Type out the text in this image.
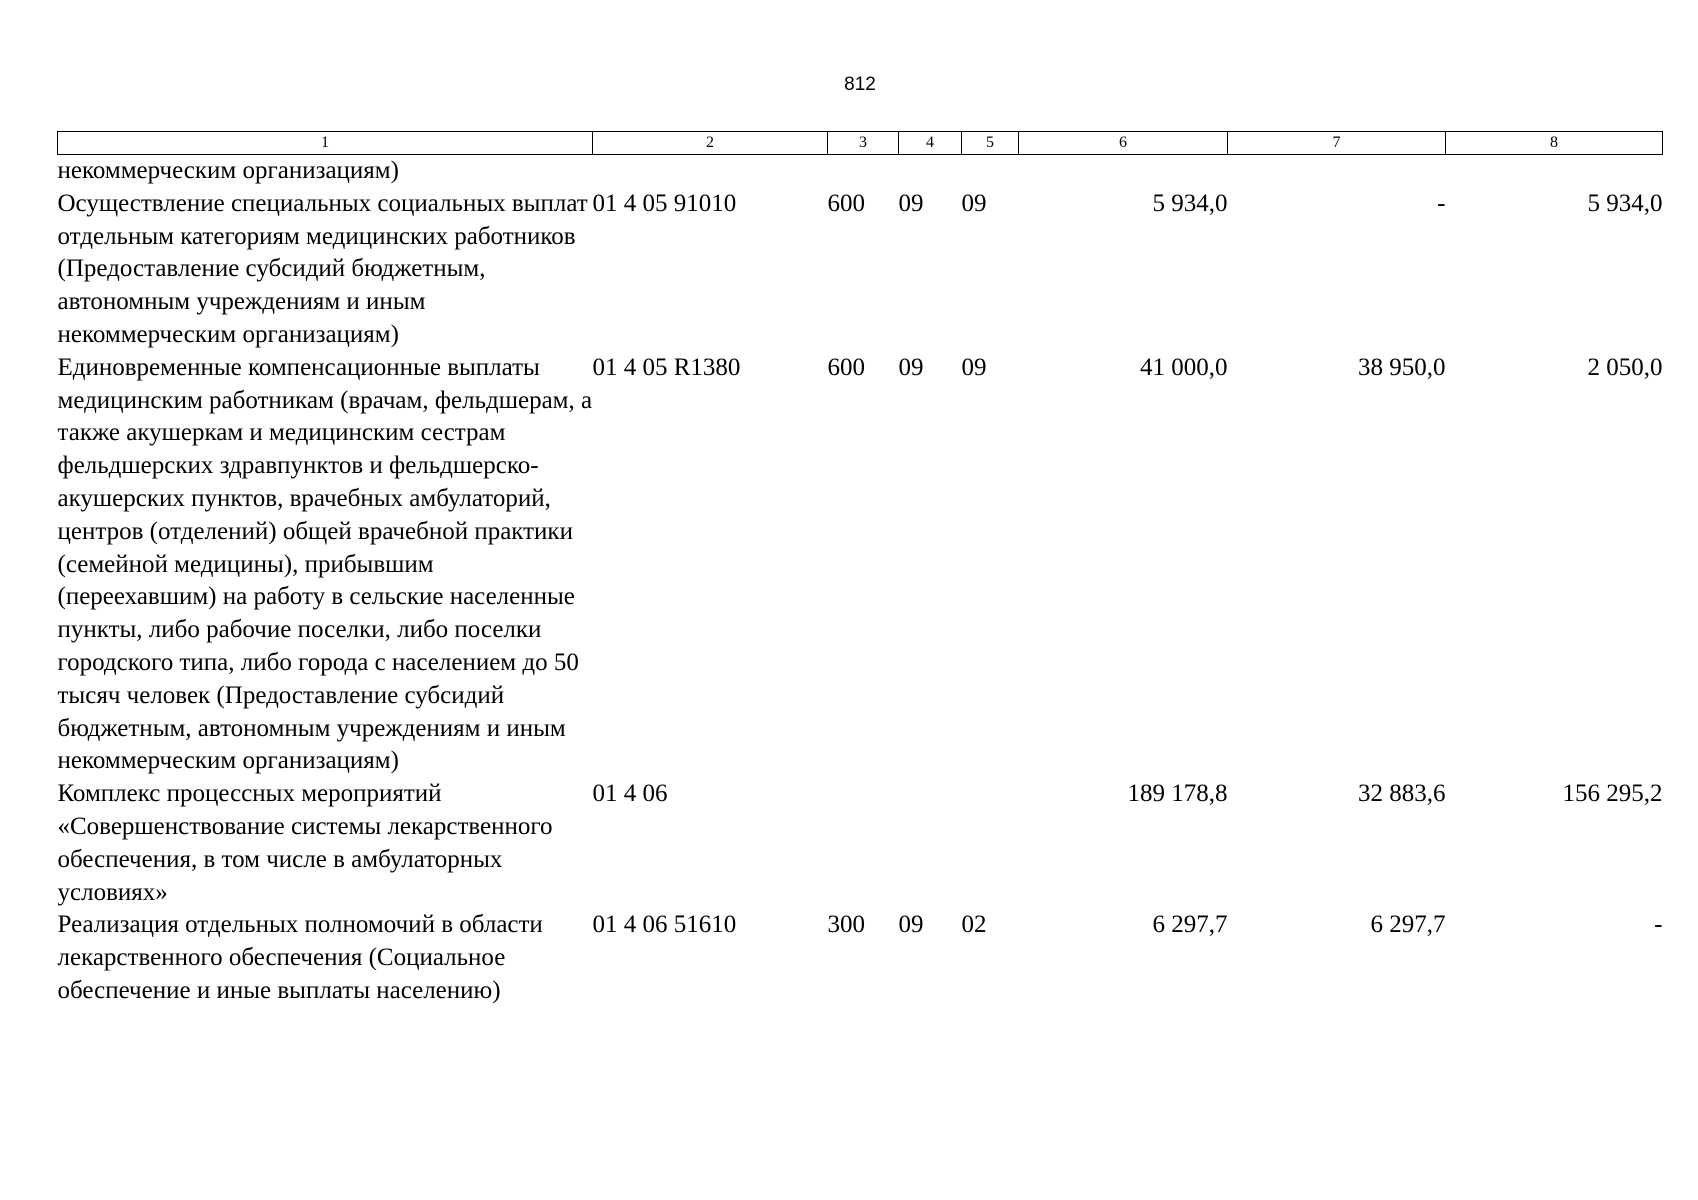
812
1	2	3	4	5	6	7	8
некоммерческим организациям)							
Осуществление специальных социальных выплат отдельным категориям медицинских работников (Предоставление субсидий бюджетным, автономным учреждениям и иным некоммерческим организациям)	01 4 05 91010	600	09	09	5 934,0	-	5 934,0
Единовременные компенсационные выплаты медицинским работникам (врачам, фельдшерам, а также акушеркам и медицинским сестрам фельдшерских здравпунктов и фельдшерско-акушерских пунктов, врачебных амбулаторий, центров (отделений) общей врачебной практики (семейной медицины), прибывшим (переехавшим) на работу в сельские населенные пункты, либо рабочие поселки, либо поселки городского типа, либо города с населением до 50 тысяч человек (Предоставление субсидий бюджетным, автономным учреждениям и иным некоммерческим организациям)	01 4 05 R1380	600	09	09	41 000,0	38 950,0	2 050,0
Комплекс процессных мероприятий «Совершенствование системы лекарственного обеспечения, в том числе в амбулаторных условиях»	01 4 06				189 178,8	32 883,6	156 295,2
Реализация отдельных полномочий в области лекарственного обеспечения (Социальное обеспечение и иные выплаты населению)	01 4 06 51610	300	09	02	6 297,7	6 297,7	-
